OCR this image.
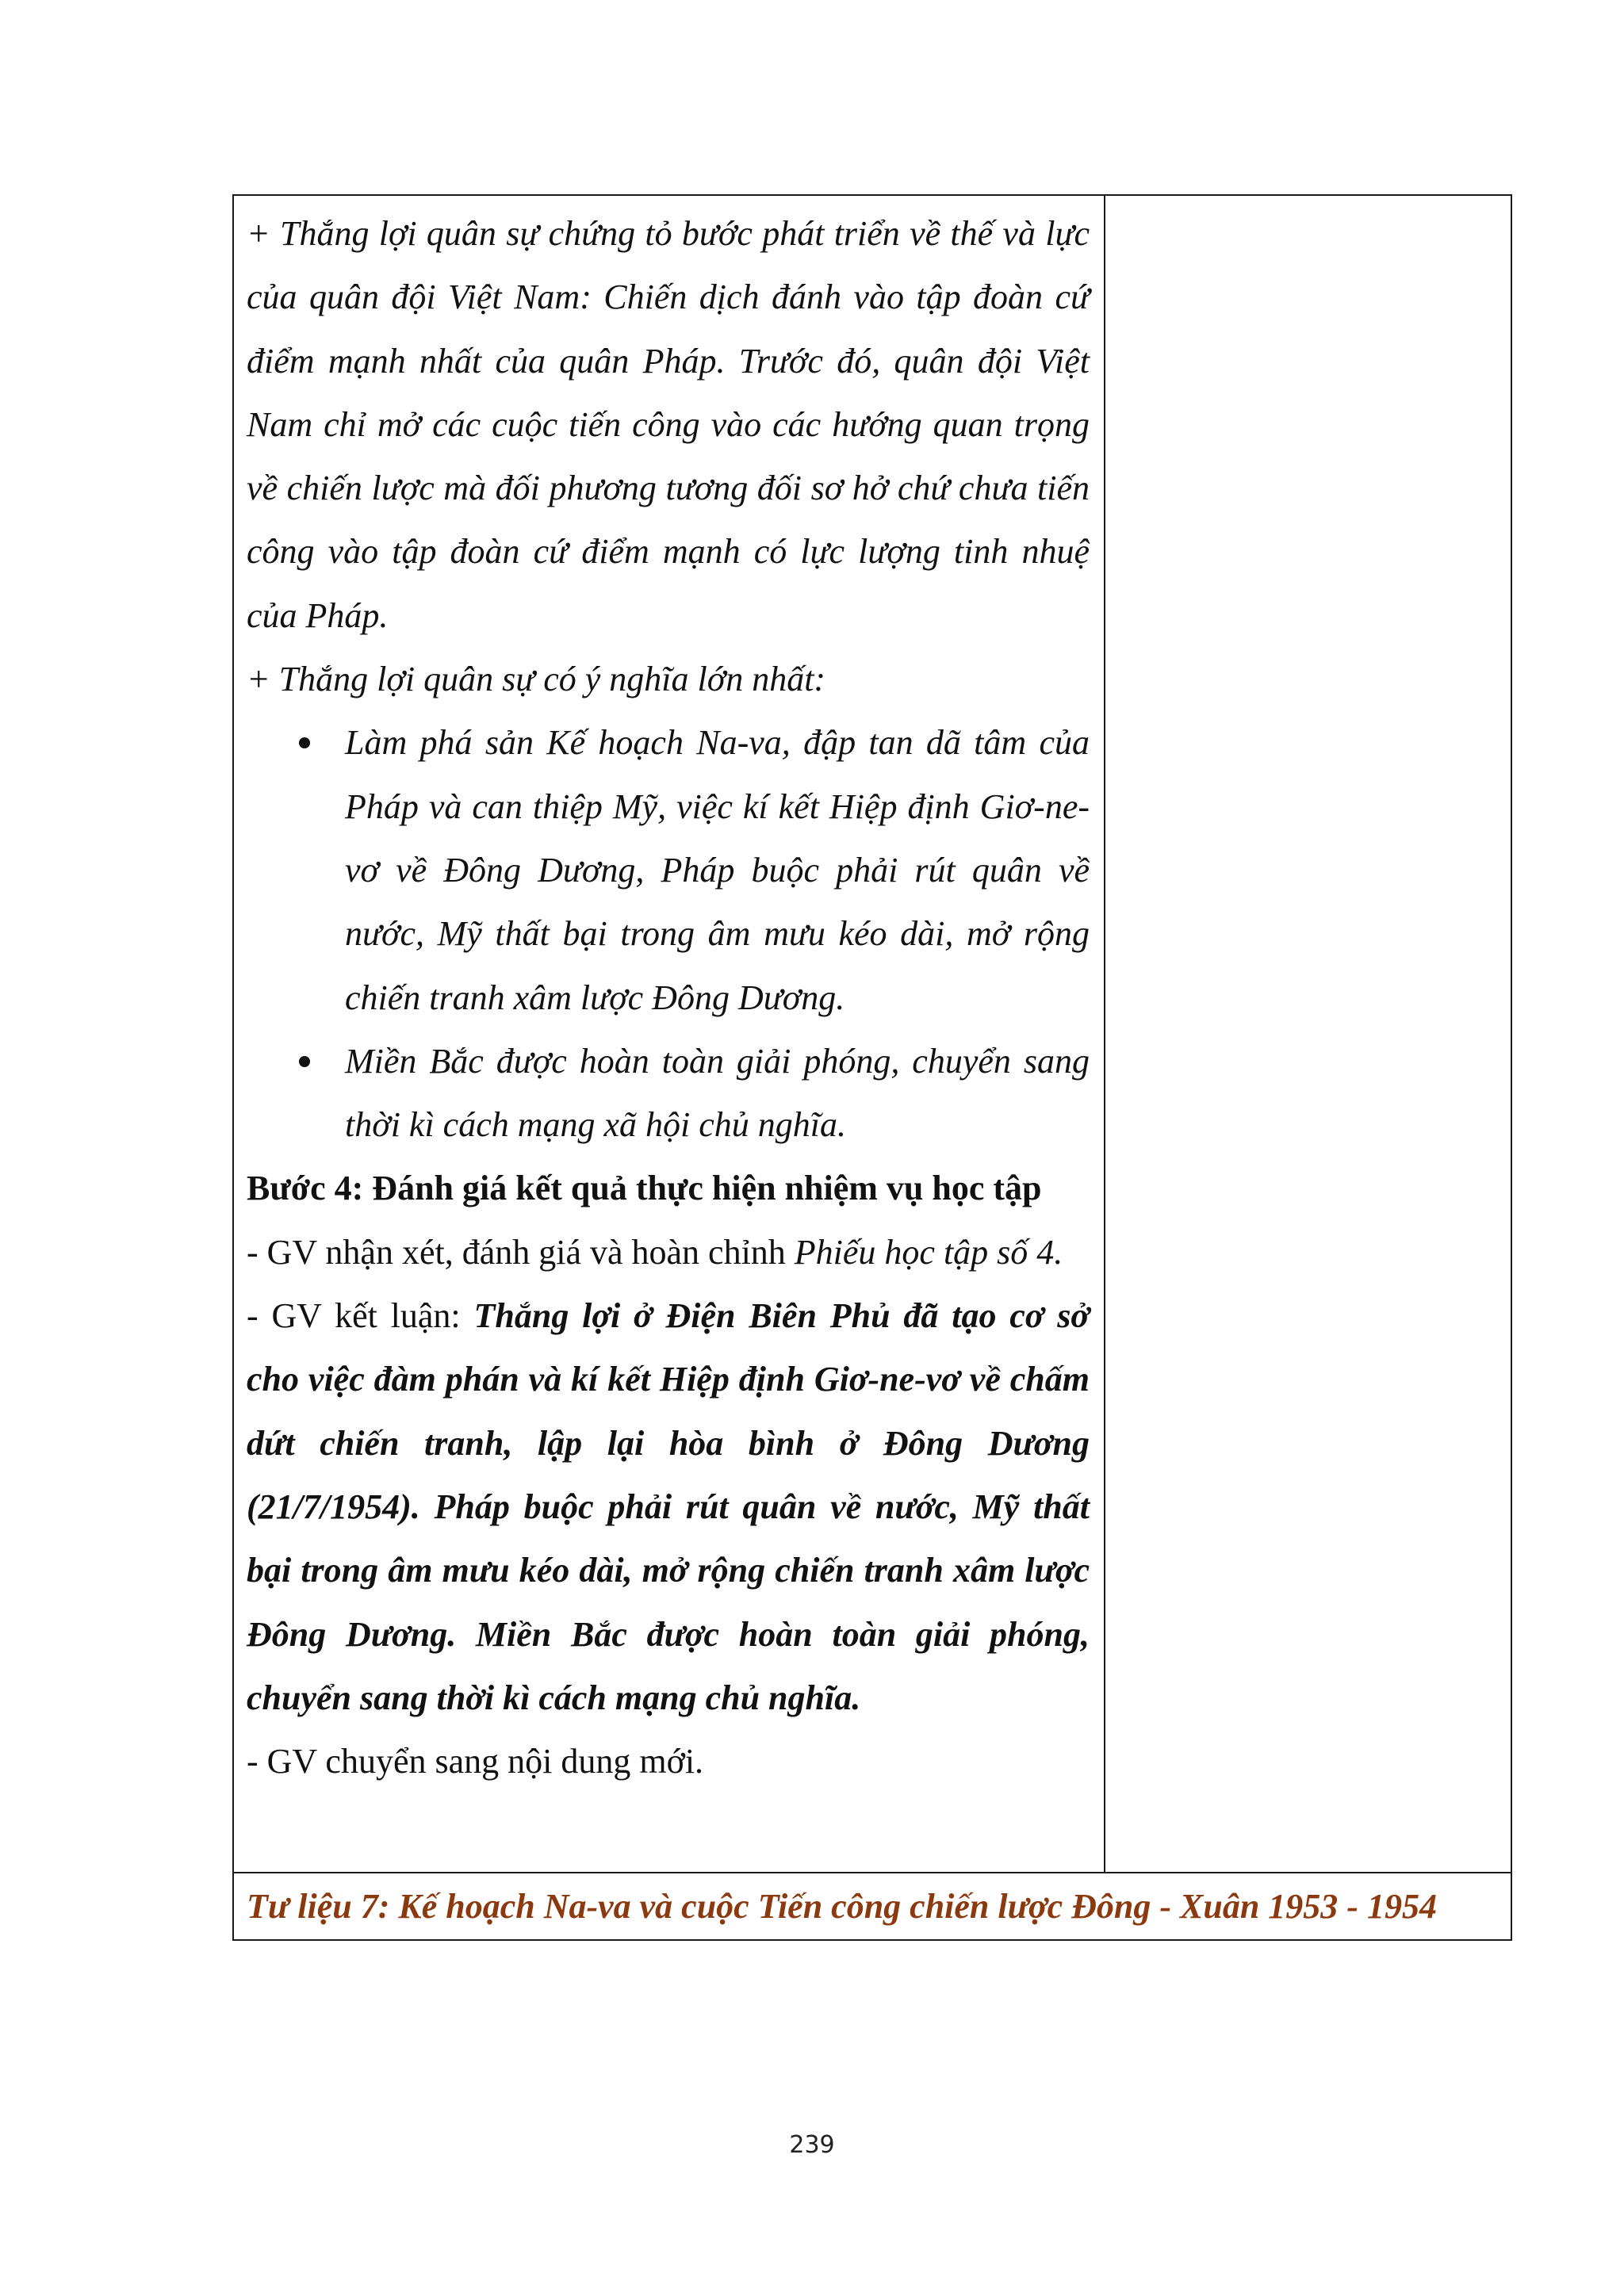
+ Thắng lợi quân sự chứng tỏ bước phát triển về thế và lực của quân đội Việt Nam: Chiến dịch đánh vào tập đoàn cứ điểm mạnh nhất của quân Pháp. Trước đó, quân đội Việt Nam chỉ mở các cuộc tiến công vào các hướng quan trọng về chiến lược mà đối phương tương đối sơ hở chứ chưa tiến công vào tập đoàn cứ điểm mạnh có lực lượng tinh nhuệ của Pháp.

+ Thắng lợi quân sự có ý nghĩa lớn nhất:

Làm phá sản Kế hoạch Na-va, đập tan dã tâm của Pháp và can thiệp Mỹ, việc kí kết Hiệp định Giơ-ne-vơ về Đông Dương, Pháp buộc phải rút quân về nước, Mỹ thất bại trong âm mưu kéo dài, mở rộng chiến tranh xâm lược Đông Dương.
Miền Bắc được hoàn toàn giải phóng, chuyển sang thời kì cách mạng xã hội chủ nghĩa.

Bước 4: Đánh giá kết quả thực hiện nhiệm vụ học tập

- GV nhận xét, đánh giá và hoàn chỉnh Phiếu học tập số 4.

- GV kết luận: Thắng lợi ở Điện Biên Phủ đã tạo cơ sở cho việc đàm phán và kí kết Hiệp định Giơ-ne-vơ về chấm dứt chiến tranh, lập lại hòa bình ở Đông Dương (21/7/1954). Pháp buộc phải rút quân về nước, Mỹ thất bại trong âm mưu kéo dài, mở rộng chiến tranh xâm lược Đông Dương. Miền Bắc được hoàn toàn giải phóng, chuyển sang thời kì cách mạng chủ nghĩa.

- GV chuyển sang nội dung mới.

Tư liệu 7: Kế hoạch Na-va và cuộc Tiến công chiến lược Đông - Xuân 1953 - 1954

239
